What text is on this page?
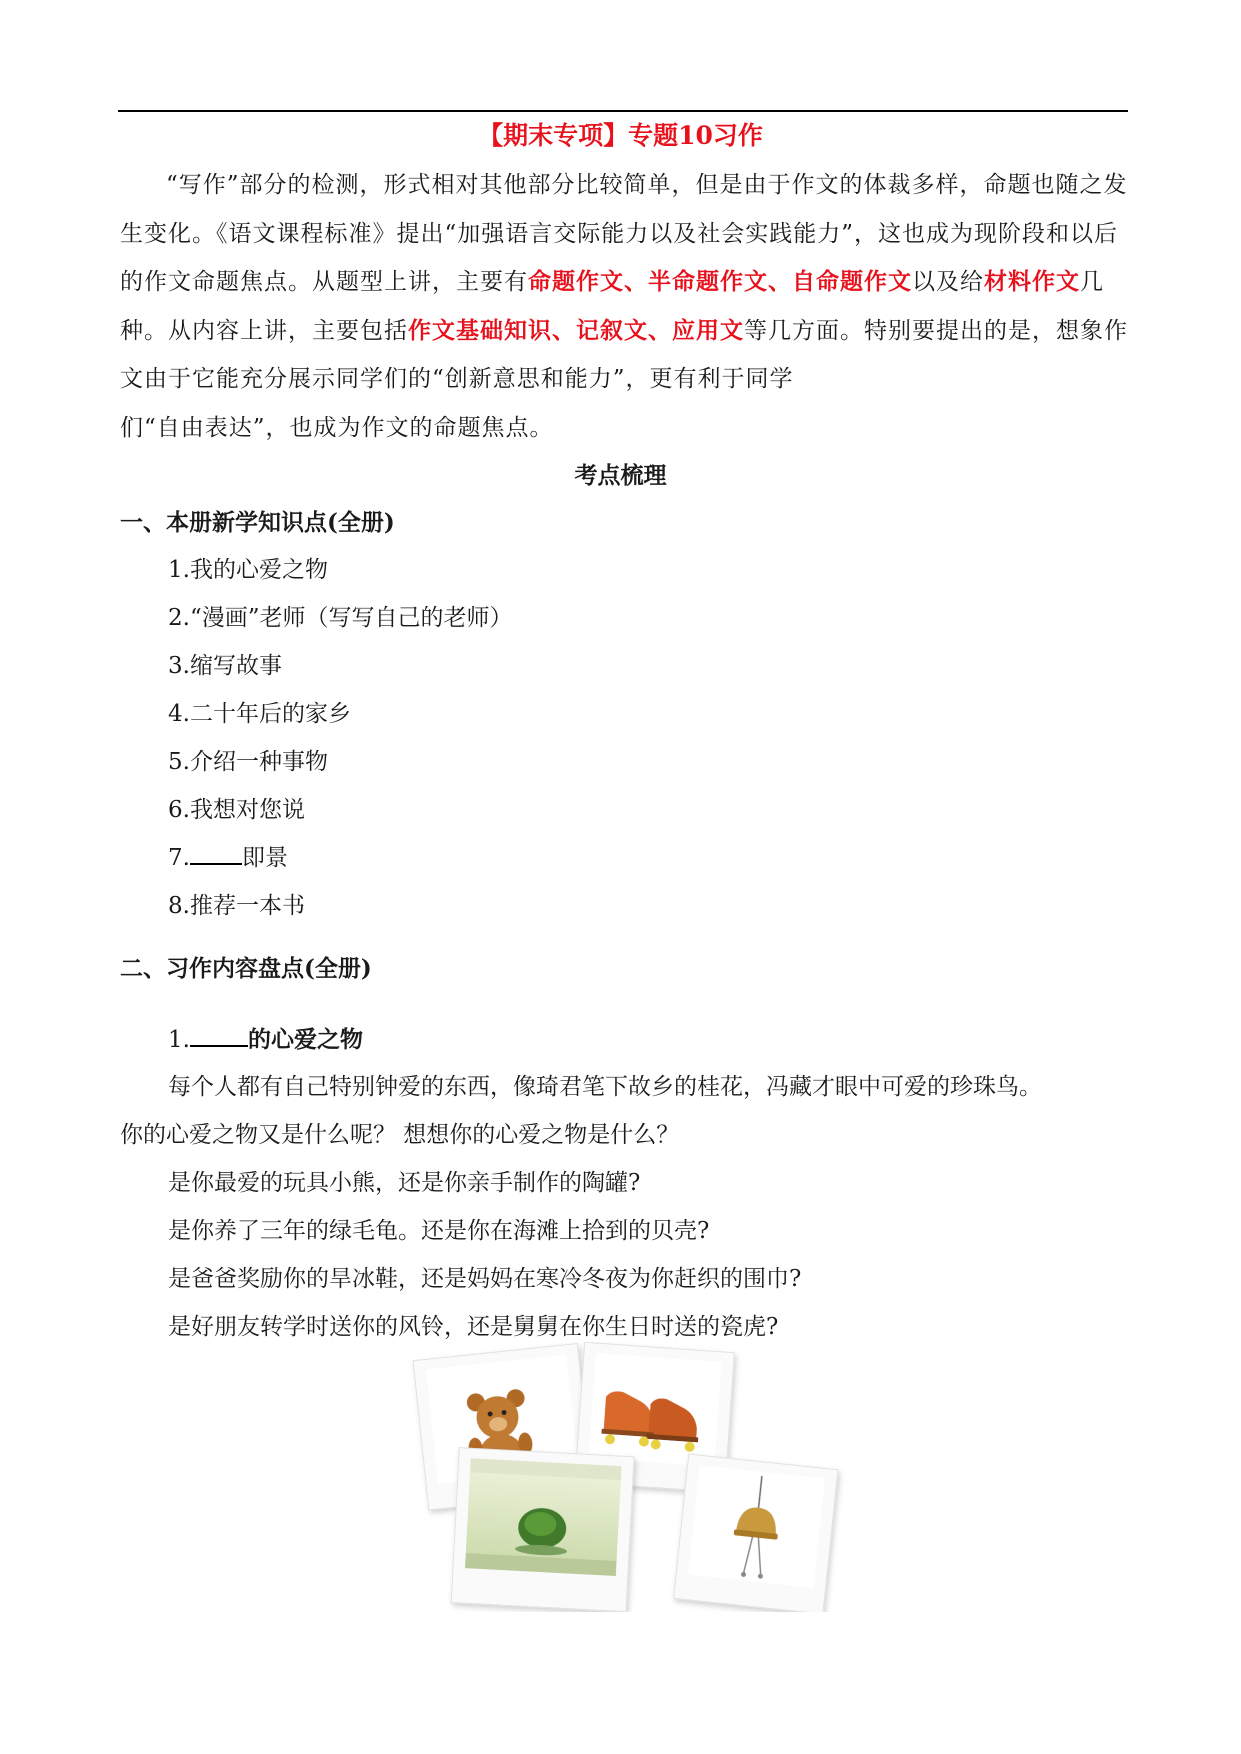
【期末专项】专题10习作

“写作”部分的检测，形式相对其他部分比较简单，但是由于作文的体裁多样，命题也随之发生变化。《语文课程标准》提出“加强语言交际能力以及社会实践能力”，这也成为现阶段和以后的作文命题焦点。从题型上讲，主要有命题作文、半命题作文、自命题作文以及给材料作文几种。从内容上讲，主要包括作文基础知识、记叙文、应用文等几方面。特别要提出的是，想象作文由于它能充分展示同学们的“创新意思和能力”，更有利于同学

们“自由表达”，也成为作文的命题焦点。

考点梳理
一、本册新学知识点(全册)
1.我的心爱之物
2.“漫画”老师（写写自己的老师）
3.缩写故事
4.二十年后的家乡
5.介绍一种事物
6.我想对您说
7. 即景
8.推荐一本书
二、习作内容盘点(全册)
1.	的心爱之物

每个人都有自己特别钟爱的东西，像琦君笔下故乡的桂花，冯藏才眼中可爱的珍珠鸟。

你的心爱之物又是什么呢？ 想想你的心爱之物是什么？

是你最爱的玩具小熊，还是你亲手制作的陶罐?

是你养了三年的绿毛龟。还是你在海滩上拾到的贝壳?

是爸爸奖励你的旱冰鞋，还是妈妈在寒冷冬夜为你赶织的围巾?

是好朋友转学时送你的风铃，还是舅舅在你生日时送的瓷虎?
